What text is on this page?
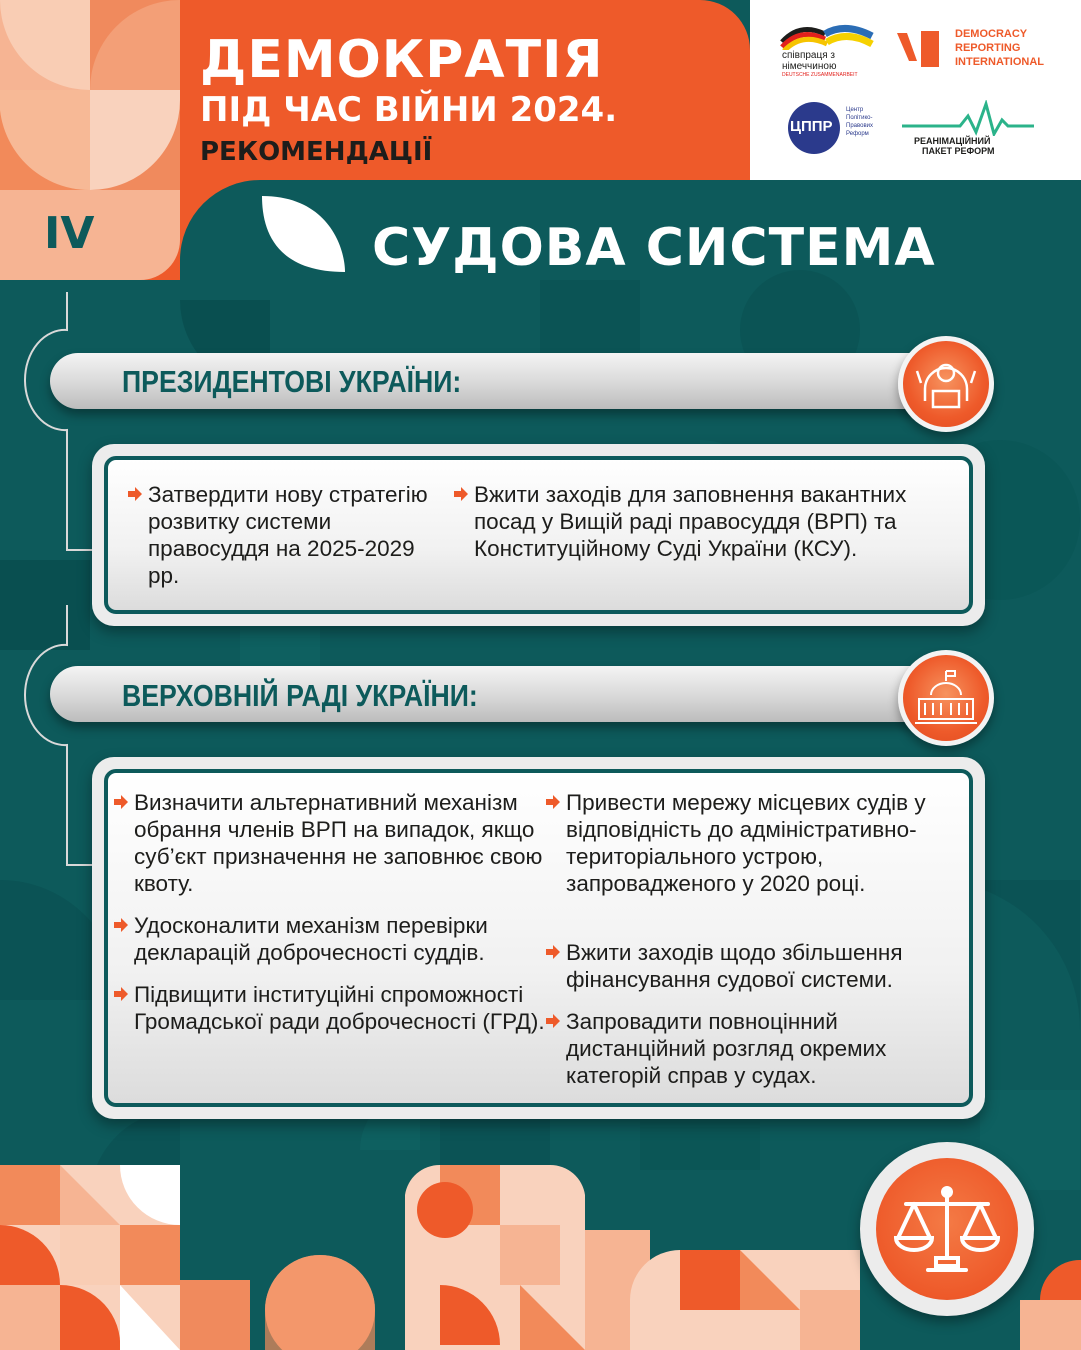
ДЕМОКРАТІЯ
ПІД ЧАС ВІЙНИ 2024.
РЕКОМЕНДАЦІЇ
IV	СУДОВА СИСТЕМА
співпраця з
німеччиною
DEUTSCHE ZUSAMMENARBEIT
DEMOCRACY
REPORTING
INTERNATIONAL
ЦППР
Центр
Політико-
Правових
Реформ
РЕАНІМАЦІЙНИЙ
ПАКЕТ РЕФОРМ
ПРЕЗИДЕНТОВІ УКРАЇНИ:
Затвердити нову стратегію розвитку системи правосуддя на 2025-2029 рр.
Вжити заходів для заповнення вакантних посад у Вищій раді правосуддя (ВРП) та Конституційному Суді України (КСУ).
ВЕРХОВНІЙ РАДІ УКРАЇНИ:
Визначити альтернативний механізм обрання членів ВРП на випадок, якщо суб’єкт призначення не заповнює свою квоту.
Удосконалити механізм перевірки декларацій доброчесності суддів.
Підвищити інституційні спроможності Громадської ради доброчесності (ГРД).
Привести мережу місцевих судів у відповідність до адміністративно-територіального устрою, запровадженого у 2020 році.
Вжити заходів щодо збільшення фінансування судової системи.
Запровадити повноцінний дистанційний розгляд окремих категорій справ у судах.
